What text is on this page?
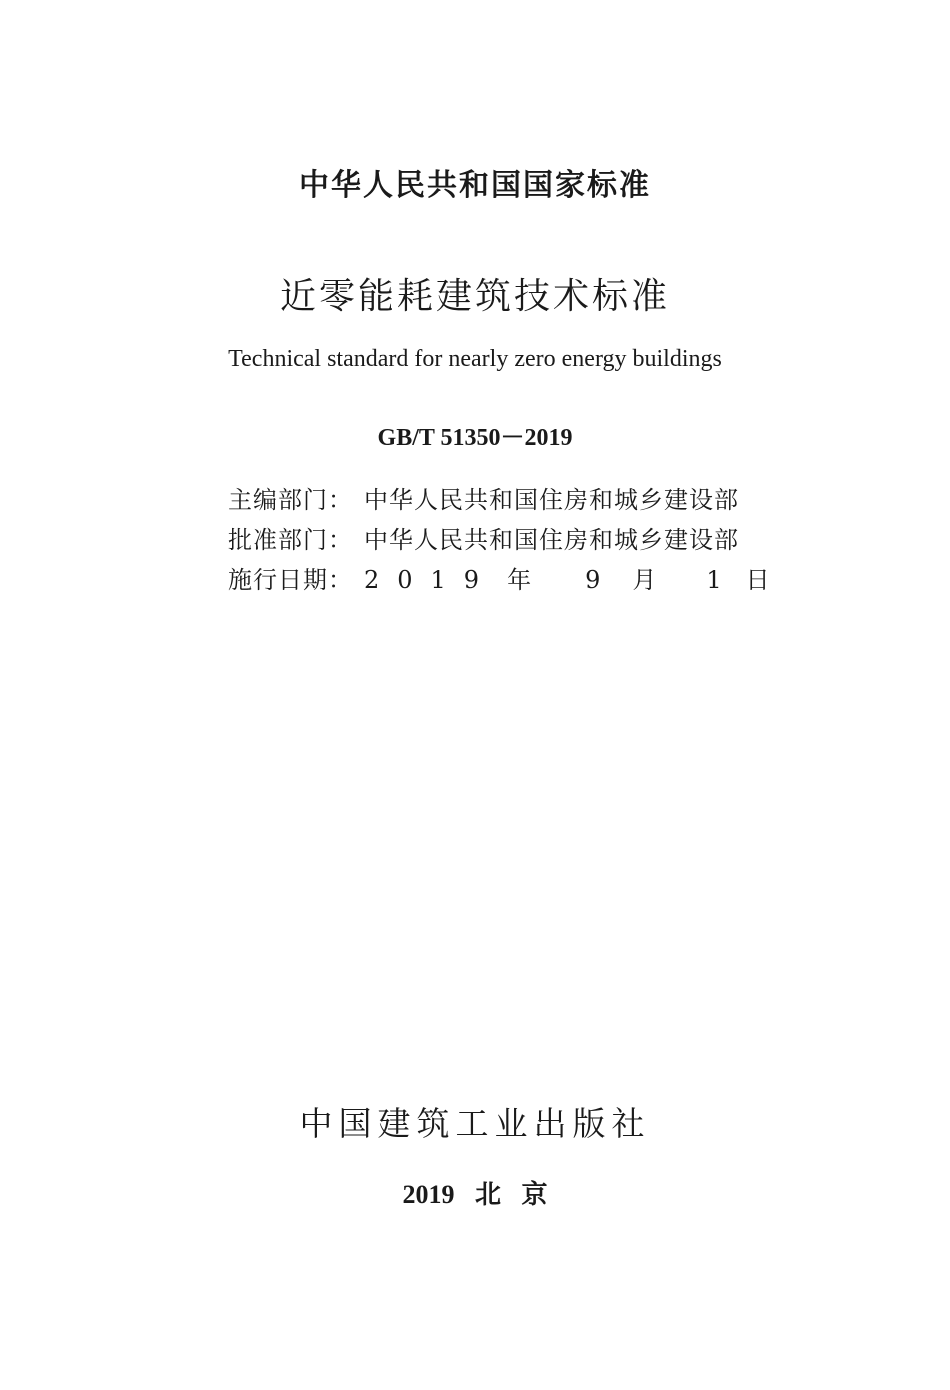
中华人民共和国国家标准
近零能耗建筑技术标准
Technical standard for nearly zero energy buildings
GB/T 51350－2019
主编部门： 中华人民共和国住房和城乡建设部
批准部门： 中华人民共和国住房和城乡建设部
施行日期： 2019 年 9 月 1 日
中国建筑工业出版社
2019 北 京
